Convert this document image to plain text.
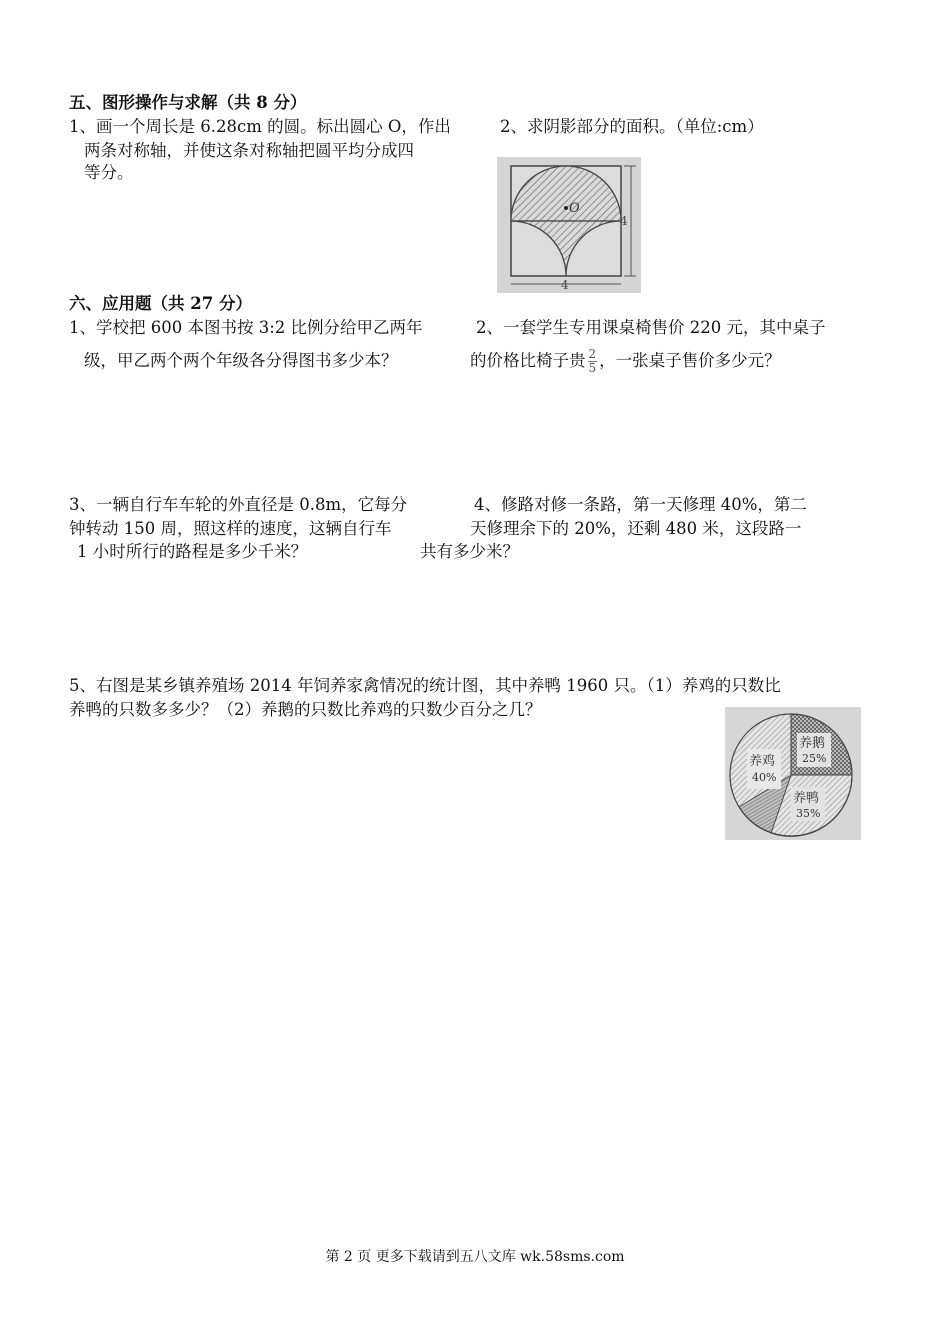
五、图形操作与求解（共 8 分）
1、画一个周长是 6.28cm 的圆。标出圆心 O，作出
两条对称轴，并使这条对称轴把圆平均分成四
等分。
2、求阴影部分的面积。（单位:cm）
O
4
4
六、应用题（共 27 分）
1、学校把 600 本图书按 3:2 比例分给甲乙两年
级，甲乙两个两个年级各分得图书多少本？
2、一套学生专用课桌椅售价 220 元，其中桌子
的价格比椅子贵 $\frac{2}{5}$ ，一张桌子售价多少元？
3、一辆自行车车轮的外直径是 0.8m，它每分
钟转动 150 周，照这样的速度，这辆自行车
1 小时所行的路程是多少千米？
4、修路对修一条路，第一天修理 40%，第二
天修理余下的 20%，还剩 480 米，这段路一
共有多少米？
5、右图是某乡镇养殖场 2014 年饲养家禽情况的统计图，其中养鸭 1960 只。（1）养鸡的只数比
养鸭的只数多多少？（2）养鹅的只数比养鸡的只数少百分之几？
养鸡
40%
养鹅
25%
养鸭
35%
第 2 页 更多下载请到五八文库 wk.58sms.com
